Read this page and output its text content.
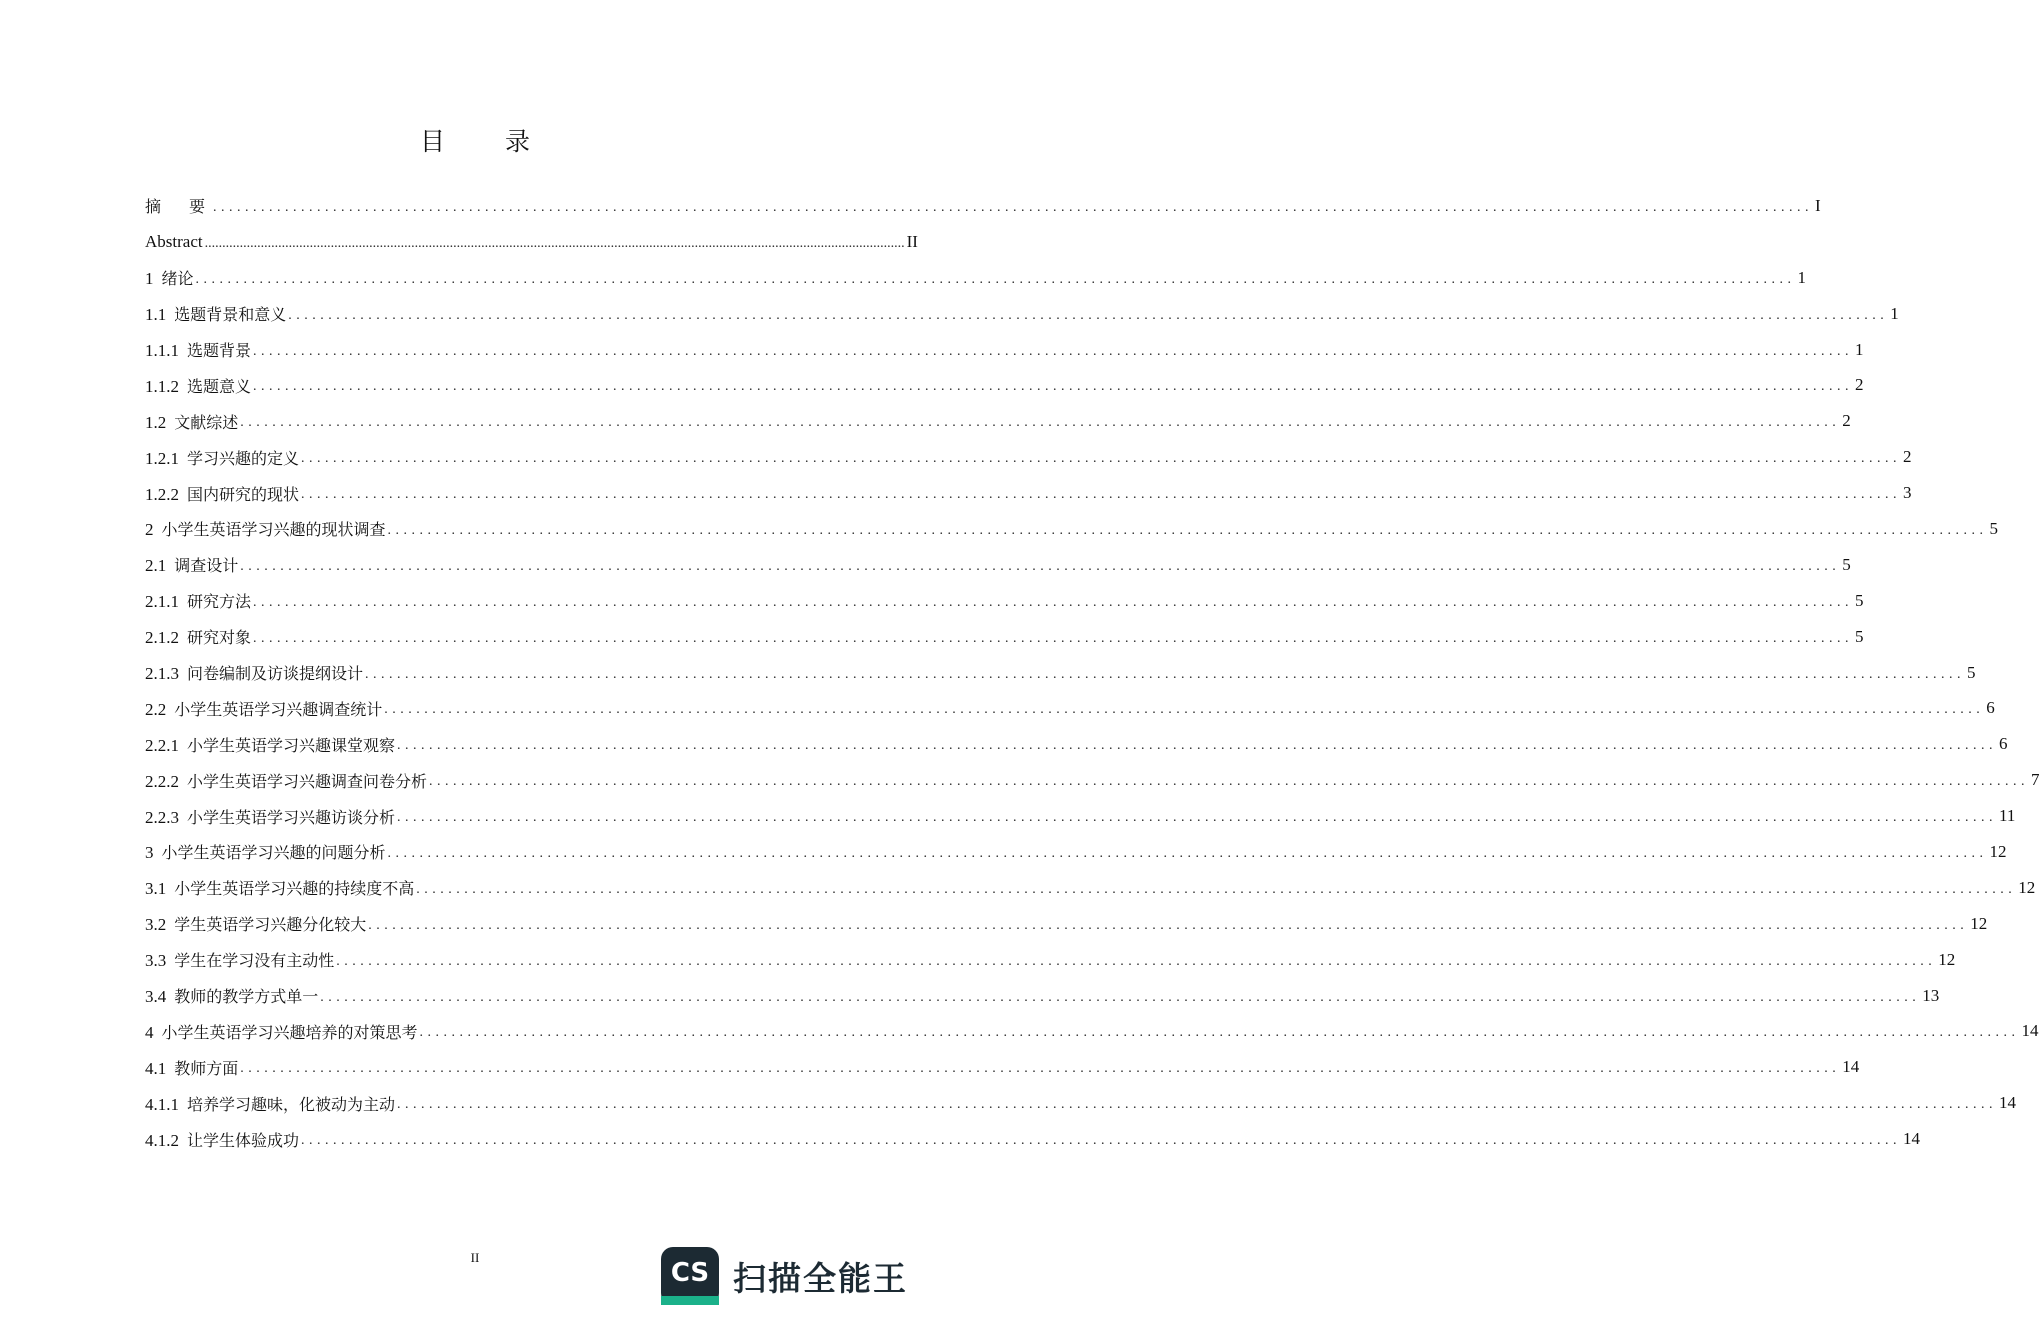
目 录
摘　要 ........................................................................................................................................................................................................ I
Abstract ........................................................................................................................................................................................................ II
1 绪论 ........................................................................................................................................................................................................ 1
1.1 选题背景和意义 ........................................................................................................................................................................................................ 1
1.1.1 选题背景 ........................................................................................................................................................................................................ 1
1.1.2 选题意义 ........................................................................................................................................................................................................ 2
1.2 文献综述 ........................................................................................................................................................................................................ 2
1.2.1 学习兴趣的定义 ........................................................................................................................................................................................................ 2
1.2.2 国内研究的现状 ........................................................................................................................................................................................................ 3
2 小学生英语学习兴趣的现状调查 ........................................................................................................................................................................................................ 5
2.1 调查设计 ........................................................................................................................................................................................................ 5
2.1.1 研究方法 ........................................................................................................................................................................................................ 5
2.1.2 研究对象 ........................................................................................................................................................................................................ 5
2.1.3 问卷编制及访谈提纲设计 ........................................................................................................................................................................................................ 5
2.2 小学生英语学习兴趣调查统计 ........................................................................................................................................................................................................ 6
2.2.1 小学生英语学习兴趣课堂观察 ........................................................................................................................................................................................................ 6
2.2.2 小学生英语学习兴趣调查问卷分析 ........................................................................................................................................................................................................ 7
2.2.3 小学生英语学习兴趣访谈分析 ........................................................................................................................................................................................................ 11
3 小学生英语学习兴趣的问题分析 ........................................................................................................................................................................................................ 12
3.1 小学生英语学习兴趣的持续度不高 ........................................................................................................................................................................................................ 12
3.2 学生英语学习兴趣分化较大 ........................................................................................................................................................................................................ 12
3.3 学生在学习没有主动性 ........................................................................................................................................................................................................ 12
3.4 教师的教学方式单一 ........................................................................................................................................................................................................ 13
4 小学生英语学习兴趣培养的对策思考 ........................................................................................................................................................................................................ 14
4.1 教师方面 ........................................................................................................................................................................................................ 14
4.1.1 培养学习趣味，化被动为主动 ........................................................................................................................................................................................................ 14
4.1.2 让学生体验成功 ........................................................................................................................................................................................................ 14
II
CS 扫描全能王
